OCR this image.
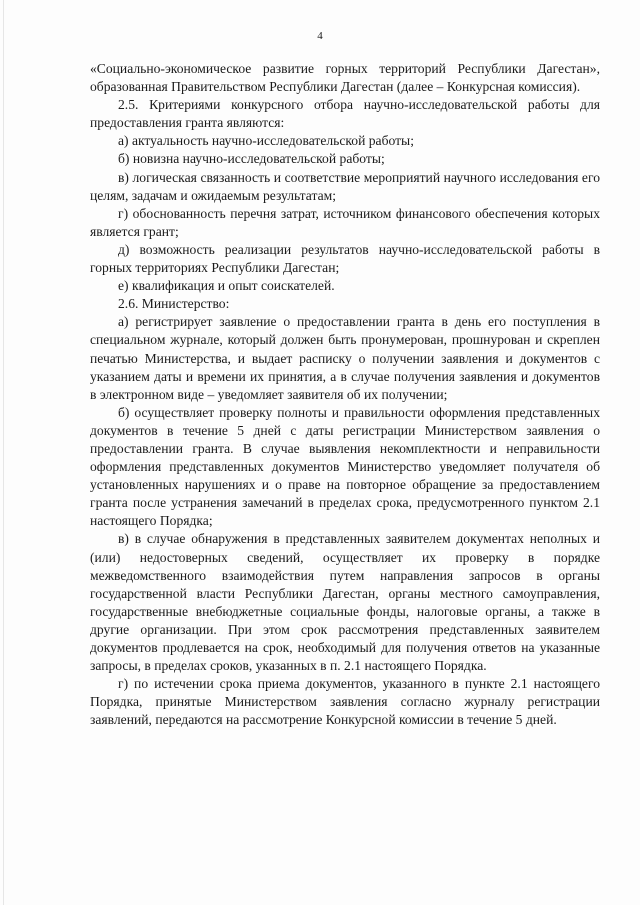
4

«Социально-экономическое развитие горных территорий Республики Дагестан», образованная Правительством Республики Дагестан (далее – Конкурсная комиссия).

2.5. Критериями конкурсного отбора научно-исследовательской работы для предоставления гранта являются:

а) актуальность научно-исследовательской работы;

б) новизна научно-исследовательской работы;

в) логическая связанность и соответствие мероприятий научного исследования его целям, задачам и ожидаемым результатам;

г) обоснованность перечня затрат, источником финансового обеспечения которых является грант;

д) возможность реализации результатов научно-исследовательской работы в горных территориях Республики Дагестан;

е) квалификация и опыт соискателей.

2.6. Министерство:

а) регистрирует заявление о предоставлении гранта в день его поступления в специальном журнале, который должен быть пронумерован, прошнурован и скреплен печатью Министерства, и выдает расписку о получении заявления и документов с указанием даты и времени их принятия, а в случае получения заявления и документов в электронном виде – уведомляет заявителя об их получении;

б) осуществляет проверку полноты и правильности оформления представленных документов в течение 5 дней с даты регистрации Министерством заявления о предоставлении гранта. В случае выявления некомплектности и неправильности оформления представленных документов Министерство уведомляет получателя об установленных нарушениях и о праве на повторное обращение за предоставлением гранта после устранения замечаний в пределах срока, предусмотренного пунктом 2.1 настоящего Порядка;

в) в случае обнаружения в представленных заявителем документах неполных и (или) недостоверных сведений, осуществляет их проверку в порядке межведомственного взаимодействия путем направления запросов в органы государственной власти Республики Дагестан, органы местного самоуправления, государственные внебюджетные социальные фонды, налоговые органы, а также в другие организации. При этом срок рассмотрения представленных заявителем документов продлевается на срок, необходимый для получения ответов на указанные запросы, в пределах сроков, указанных в п. 2.1 настоящего Порядка.

г) по истечении срока приема документов, указанного в пункте 2.1 настоящего Порядка, принятые Министерством заявления согласно журналу регистрации заявлений, передаются на рассмотрение Конкурсной комиссии в течение 5 дней.
